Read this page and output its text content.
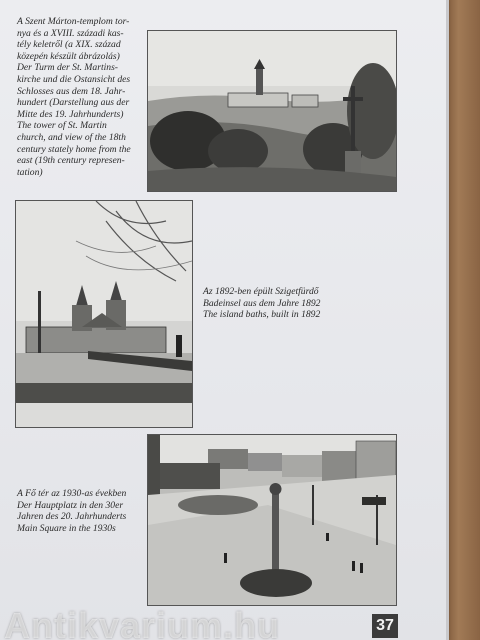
A Szent Márton-templom tor-
nya és a XVIII. századi kas-
tély keletről (a XIX. század
közepén készült ábrázolás)
Der Turm der St. Martins-
kirche und die Ostansicht des
Schlosses aus dem 18. Jahr-
hundert (Darstellung aus der
Mitte des 19. Jahrhunderts)
The tower of St. Martin
church, and view of the 18th
century stately home from the
east (19th century represen-
tation)

Az 1892-ben épült Szigetfürdő
Badeinsel aus dem Jahre 1892
The island baths, built in 1892

A Fő tér az 1930-as években
Der Hauptplatz in den 30er
Jahren des 20. Jahrhunderts
Main Square in the 1930s

Antikvarium.hu	37
